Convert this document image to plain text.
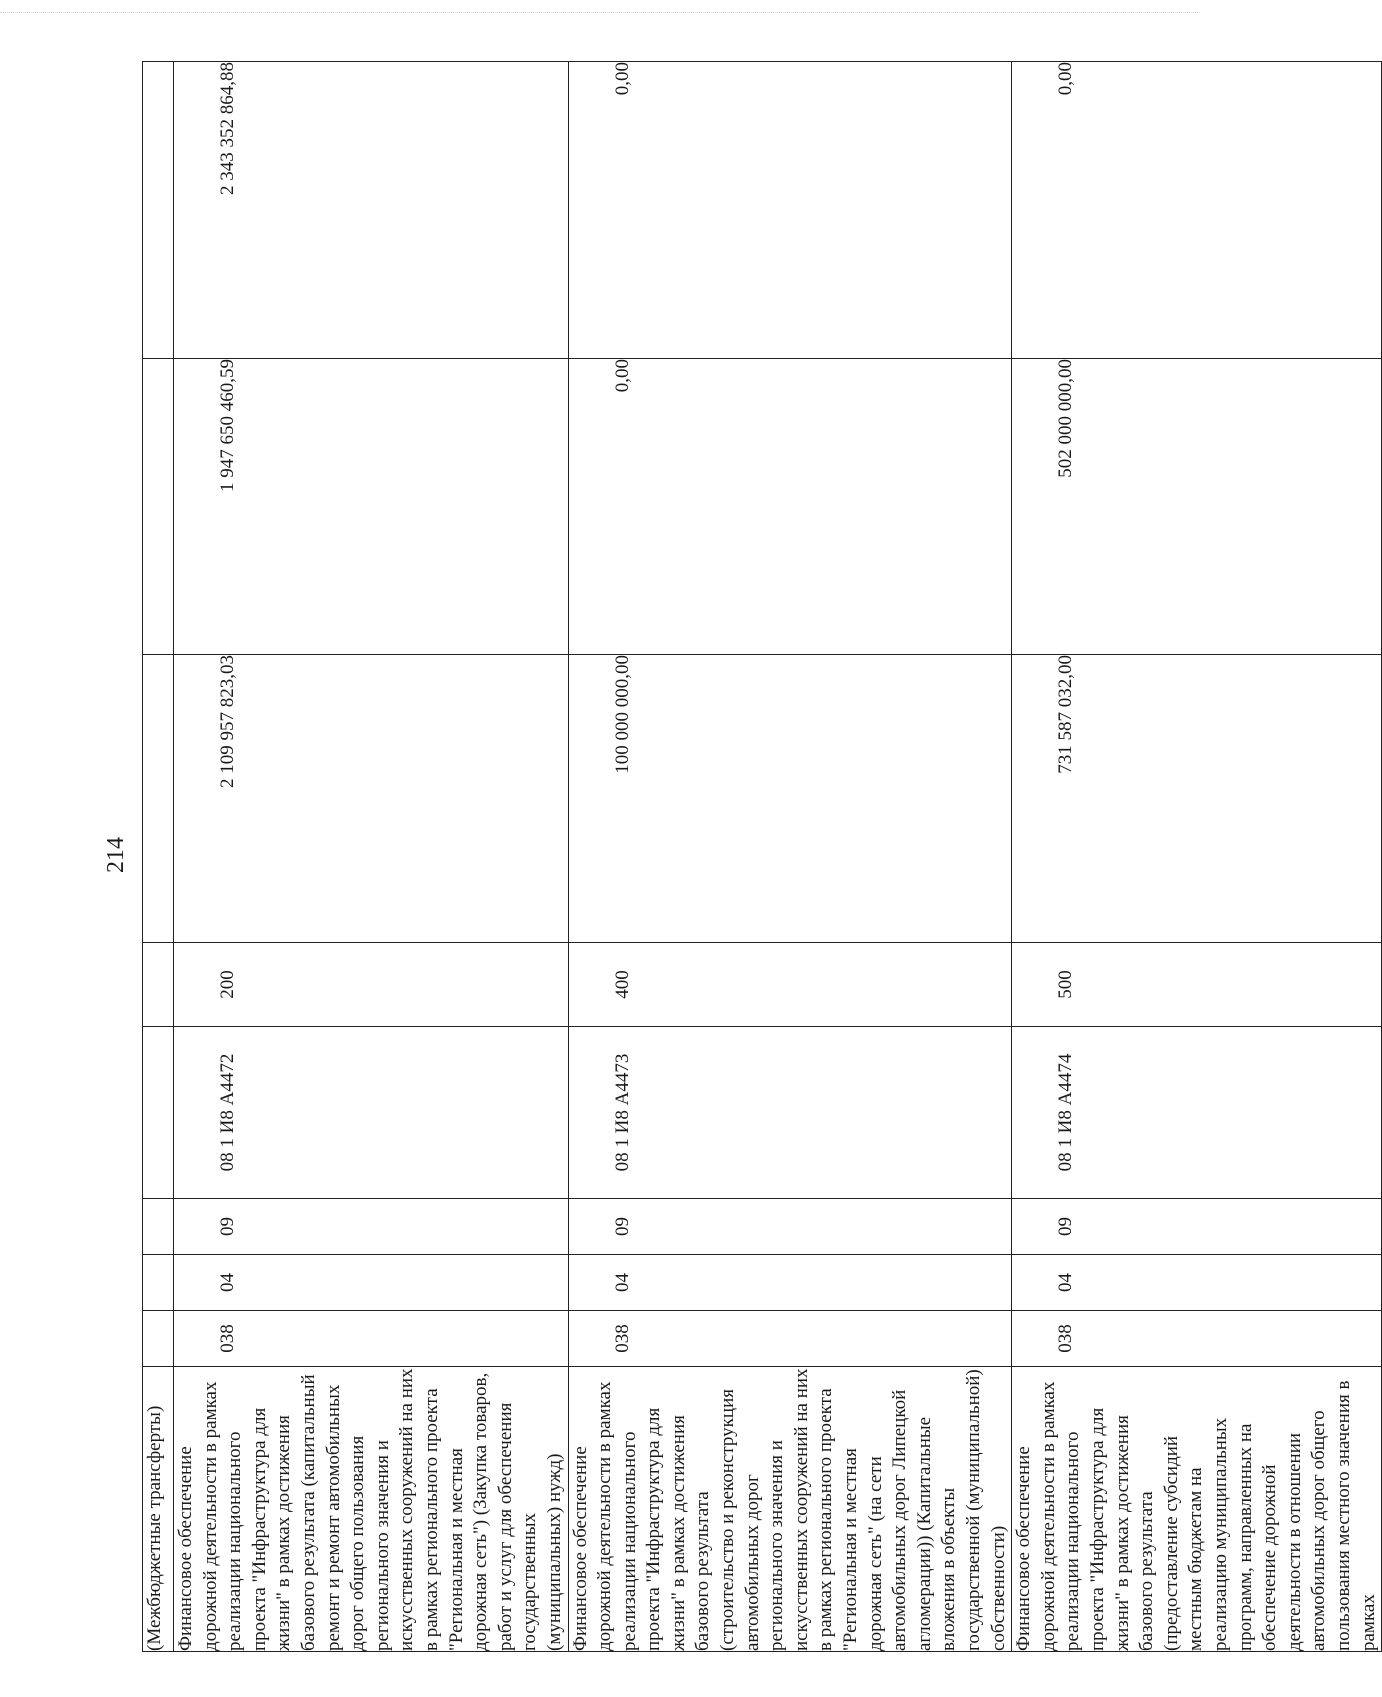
214
(Межбюджетные трансферты)								
Финансовое обеспечение дорожной деятельности в рамках реализации национального проекта "Инфраструктура для жизни" в рамках достижения базового результата (капитальный ремонт и ремонт автомобильных дорог общего пользования регионального значения и искусственных сооружений на них в рамках регионального проекта "Региональная и местная дорожная сеть") (Закупка товаров, работ и услуг для обеспечения государственных (муниципальных) нужд)	038	04	09	08 1 И8 А4472	200	2 109 957 823,03	1 947 650 460,59	2 343 352 864,88

Финансовое обеспечение дорожной деятельности в рамках реализации национального проекта "Инфраструктура для жизни" в рамках достижения базового результата (строительство и реконструкция автомобильных дорог регионального значения и искусственных сооружений на них в рамках регионального проекта "Региональная и местная дорожная сеть" (на сети автомобильных дорог Липецкой агломерации)) (Капитальные вложения в объекты государственной (муниципальной) собственности)	038	04	09	08 1 И8 А4473	400	100 000 000,00	0,00	0,00

Финансовое обеспечение дорожной деятельности в рамках реализации национального проекта "Инфраструктура для жизни" в рамках достижения базового результата (предоставление субсидий местным бюджетам на реализацию муниципальных программ, направленных на обеспечение дорожной деятельности в отношении автомобильных дорог общего пользования местного значения в рамках	038	04	09	08 1 И8 А4474	500	731 587 032,00	502 000 000,00	0,00
